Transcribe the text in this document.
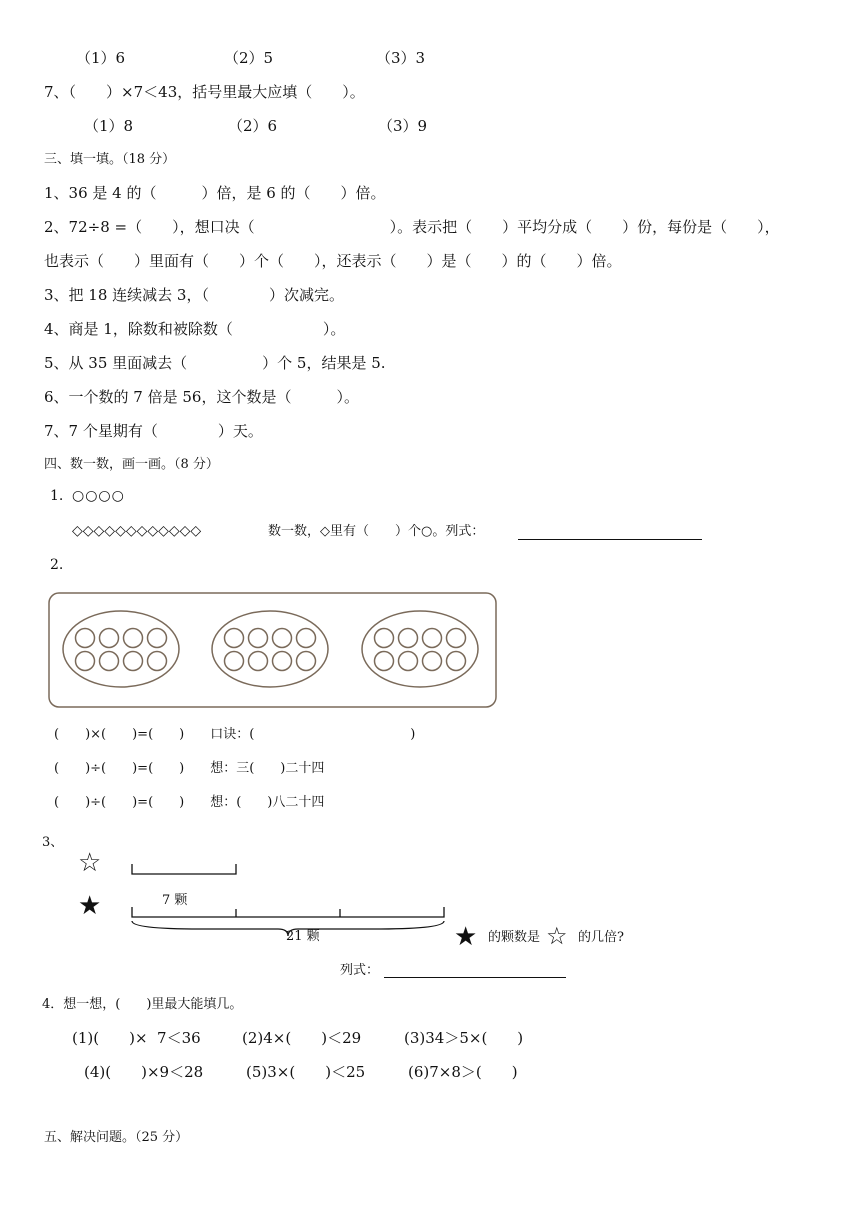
（1）6	（2）5	（3）3
7、（　　）×7＜43，括号里最大应填（　　）。
（1）8	（2）6	（3）9
三、填一填。（18 分）
1、36 是 4 的（　　　）倍，是 6 的（　　）倍。
2、72÷8 =（　　），想口决（　　　　　　　　　）。表示把（　　）平均分成（　　）份，每份是（　　），
也表示（　　）里面有（　　）个（　　），还表示（　　）是（　　）的（　　）倍。
3、把 18 连续减去 3，（　　　　）次减完。
4、商是 1，除数和被除数（　　　　　　）。
5、从 35 里面减去（　　　　　）个 5，结果是 5.
6、一个数的 7 倍是 56，这个数是（　　　）。
7、7 个星期有（　　　　）天。
四、数一数，画一画。（8 分）
1. ○○○○
◇◇◇◇◇◇◇◇◇◇◇◇	数一数，◇里有（　　）个○。列式：
2.
(　　)×(　　)=(　　)　　口诀：(　　　　　　　　　　　　)
(　　)÷(　　)=(　　)　　想：三(　　)二十四
(　　)÷(　　)=(　　)　　想：(　　)八二十四
3、
☆
★	7 颗
21 颗	★ 的颗数是 ☆ 的几倍?
列式：
4．想一想，(　　)里最大能填几。
(1)(　　)×  7＜36	(2)4×(　　)＜29	(3)34＞5×(　　)
(4)(　　)×9＜28	(5)3×(　　)＜25	(6)7×8＞(　　)
五、解决问题。（25 分）
